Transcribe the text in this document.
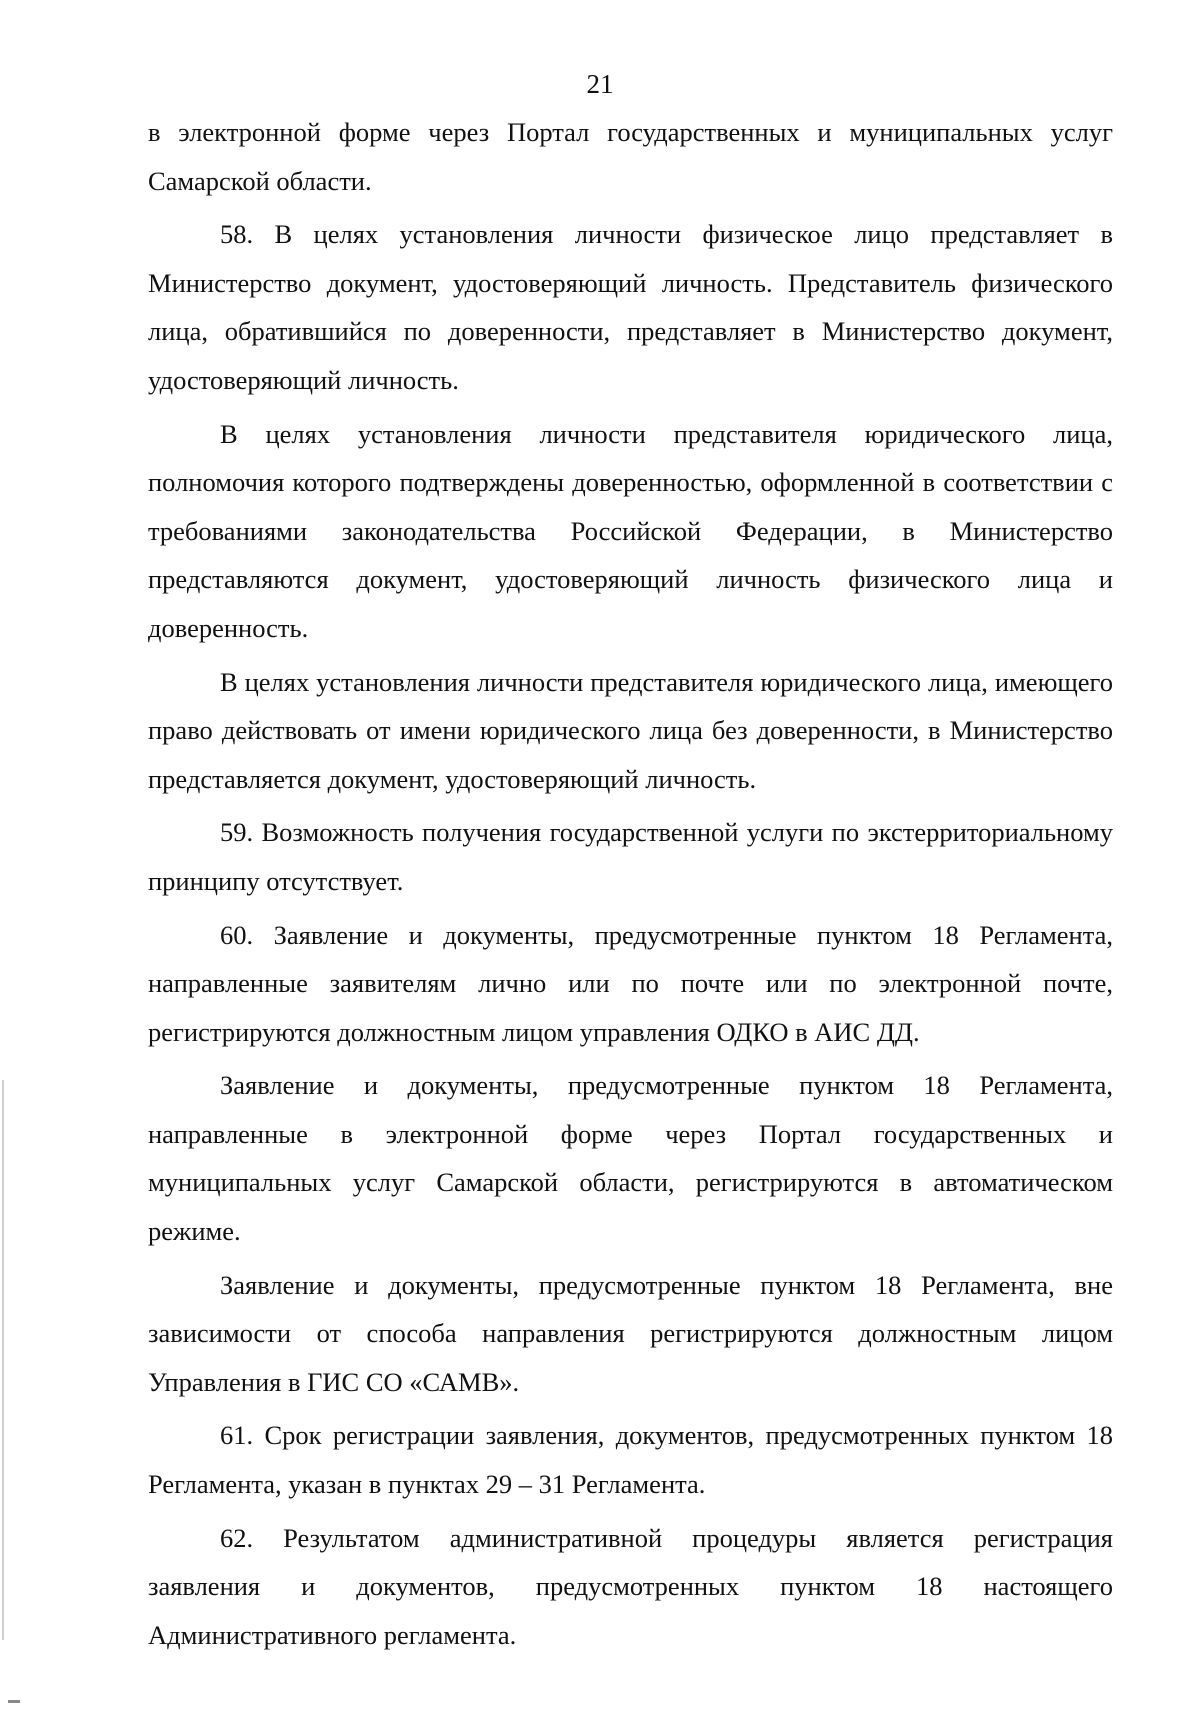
21

в электронной форме через Портал государственных и муниципальных услуг Самарской области.

58. В целях установления личности физическое лицо представляет в Министерство документ, удостоверяющий личность. Представитель физического лица, обратившийся по доверенности, представляет в Министерство документ, удостоверяющий личность.

В целях установления личности представителя юридического лица, полномочия которого подтверждены доверенностью, оформленной в соответствии с требованиями законодательства Российской Федерации, в Министерство представляются документ, удостоверяющий личность физического лица и доверенность.

В целях установления личности представителя юридического лица, имеющего право действовать от имени юридического лица без доверенности, в Министерство представляется документ, удостоверяющий личность.

59. Возможность получения государственной услуги по экстерриториальному принципу отсутствует.

60. Заявление и документы, предусмотренные пунктом 18 Регламента, направленные заявителям лично или по почте или по электронной почте, регистрируются должностным лицом управления ОДКО в АИС ДД.

Заявление и документы, предусмотренные пунктом 18 Регламента, направленные в электронной форме через Портал государственных и муниципальных услуг Самарской области, регистрируются в автоматическом режиме.

Заявление и документы, предусмотренные пунктом 18 Регламента, вне зависимости от способа направления регистрируются должностным лицом Управления в ГИС СО «САМВ».

61. Срок регистрации заявления, документов, предусмотренных пунктом 18 Регламента, указан в пунктах 29 – 31 Регламента.

62. Результатом административной процедуры является регистрация заявления и документов, предусмотренных пунктом 18 настоящего Административного регламента.
